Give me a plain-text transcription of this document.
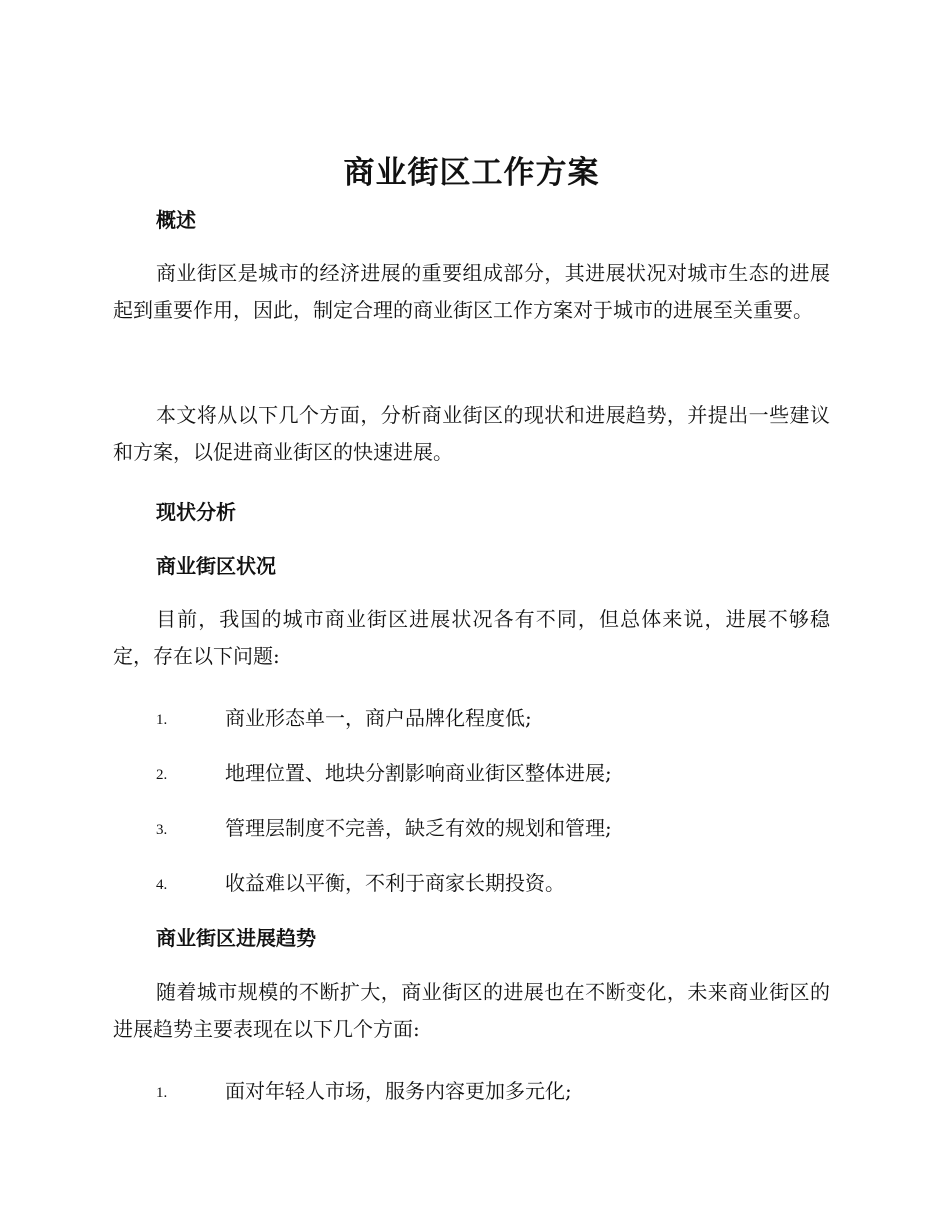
商业街区工作方案
概述
商业街区是城市的经济进展的重要组成部分，其进展状况对城市生态的进展起到重要作用，因此，制定合理的商业街区工作方案对于城市的进展至关重要。
本文将从以下几个方面，分析商业街区的现状和进展趋势，并提出一些建议和方案，以促进商业街区的快速进展。
现状分析
商业街区状况
目前，我国的城市商业街区进展状况各有不同，但总体来说，进展不够稳定，存在以下问题:
1.	商业形态单一，商户品牌化程度低;
2.	地理位置、地块分割影响商业街区整体进展;
3.	管理层制度不完善，缺乏有效的规划和管理;
4.	收益难以平衡，不利于商家长期投资。
商业街区进展趋势
随着城市规模的不断扩大，商业街区的进展也在不断变化，未来商业街区的进展趋势主要表现在以下几个方面:
1.	面对年轻人市场，服务内容更加多元化;
